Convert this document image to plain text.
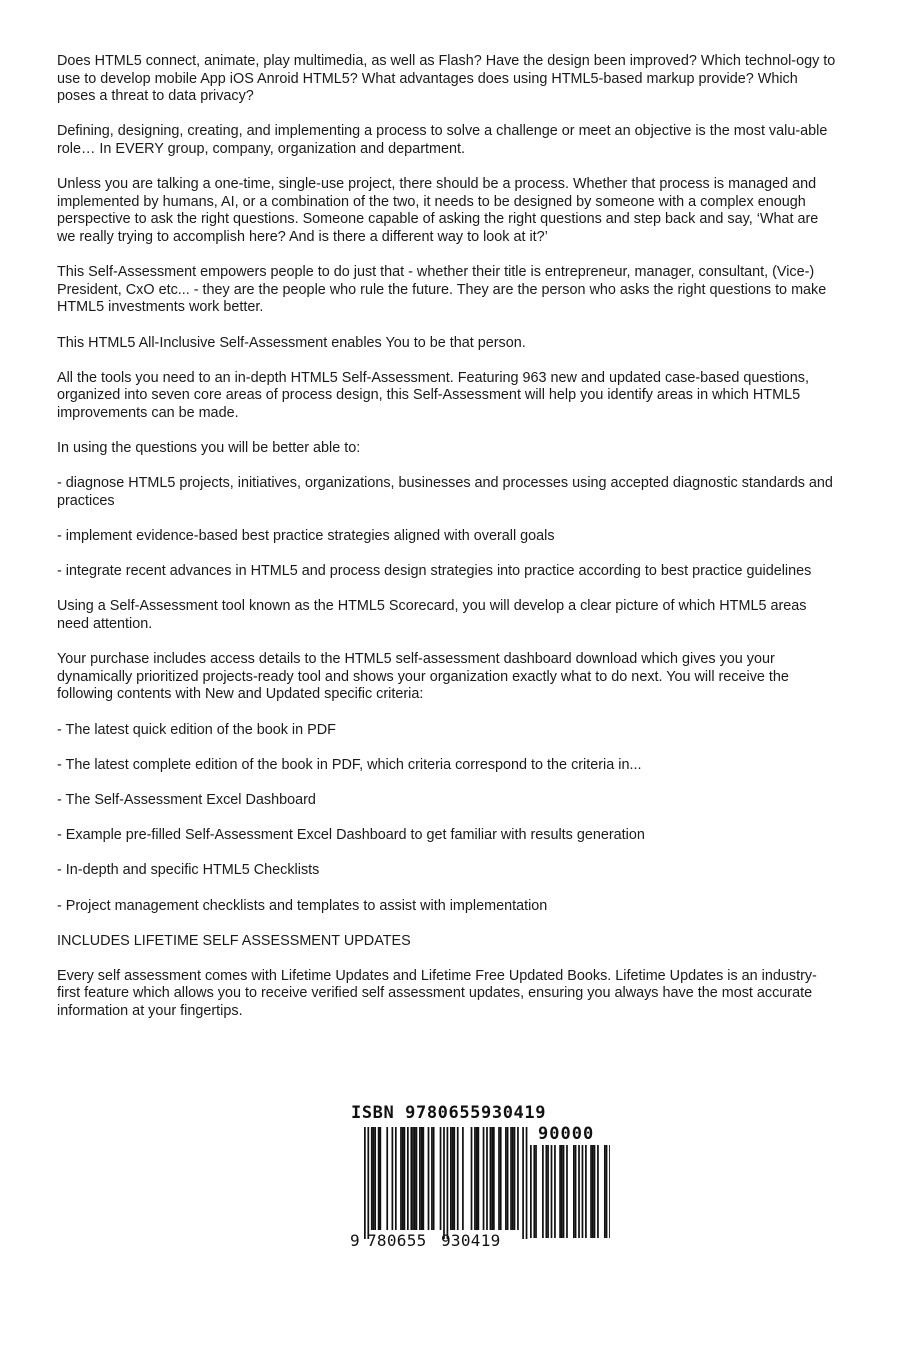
Does HTML5 connect, animate, play multimedia, as well as Flash? Have the design been improved? Which technol-ogy to use to develop mobile App iOS Anroid HTML5? What advantages does using HTML5-based markup provide? Which poses a threat to data privacy?

Defining, designing, creating, and implementing a process to solve a challenge or meet an objective is the most valu-able role… In EVERY group, company, organization and department.

Unless you are talking a one-time, single-use project, there should be a process. Whether that process is managed and implemented by humans, AI, or a combination of the two, it needs to be designed by someone with a complex enough perspective to ask the right questions. Someone capable of asking the right questions and step back and say, ‘What are we really trying to accomplish here? And is there a different way to look at it?’

This Self-Assessment empowers people to do just that - whether their title is entrepreneur, manager, consultant, (Vice-) President, CxO etc... - they are the people who rule the future. They are the person who asks the right questions to make HTML5 investments work better.

This HTML5 All-Inclusive Self-Assessment enables You to be that person.

All the tools you need to an in-depth HTML5 Self-Assessment. Featuring 963 new and updated case-based questions, organized into seven core areas of process design, this Self-Assessment will help you identify areas in which HTML5 improvements can be made.

In using the questions you will be better able to:

- diagnose HTML5 projects, initiatives, organizations, businesses and processes using accepted diagnostic standards and practices

- implement evidence-based best practice strategies aligned with overall goals

- integrate recent advances in HTML5 and process design strategies into practice according to best practice guidelines

Using a Self-Assessment tool known as the HTML5 Scorecard, you will develop a clear picture of which HTML5 areas need attention.

Your purchase includes access details to the HTML5 self-assessment dashboard download which gives you your dynamically prioritized projects-ready tool and shows your organization exactly what to do next. You will receive the following contents with New and Updated specific criteria:

- The latest quick edition of the book in PDF

- The latest complete edition of the book in PDF, which criteria correspond to the criteria in...

- The Self-Assessment Excel Dashboard

- Example pre-filled Self-Assessment Excel Dashboard to get familiar with results generation

- In-depth and specific HTML5 Checklists

- Project management checklists and templates to assist with implementation

INCLUDES LIFETIME SELF ASSESSMENT UPDATES

Every self assessment comes with Lifetime Updates and Lifetime Free Updated Books. Lifetime Updates is an industry-first feature which allows you to receive verified self assessment updates, ensuring you always have the most accurate information at your fingertips.

ISBN 9780655930419
90000
9 780655 930419
